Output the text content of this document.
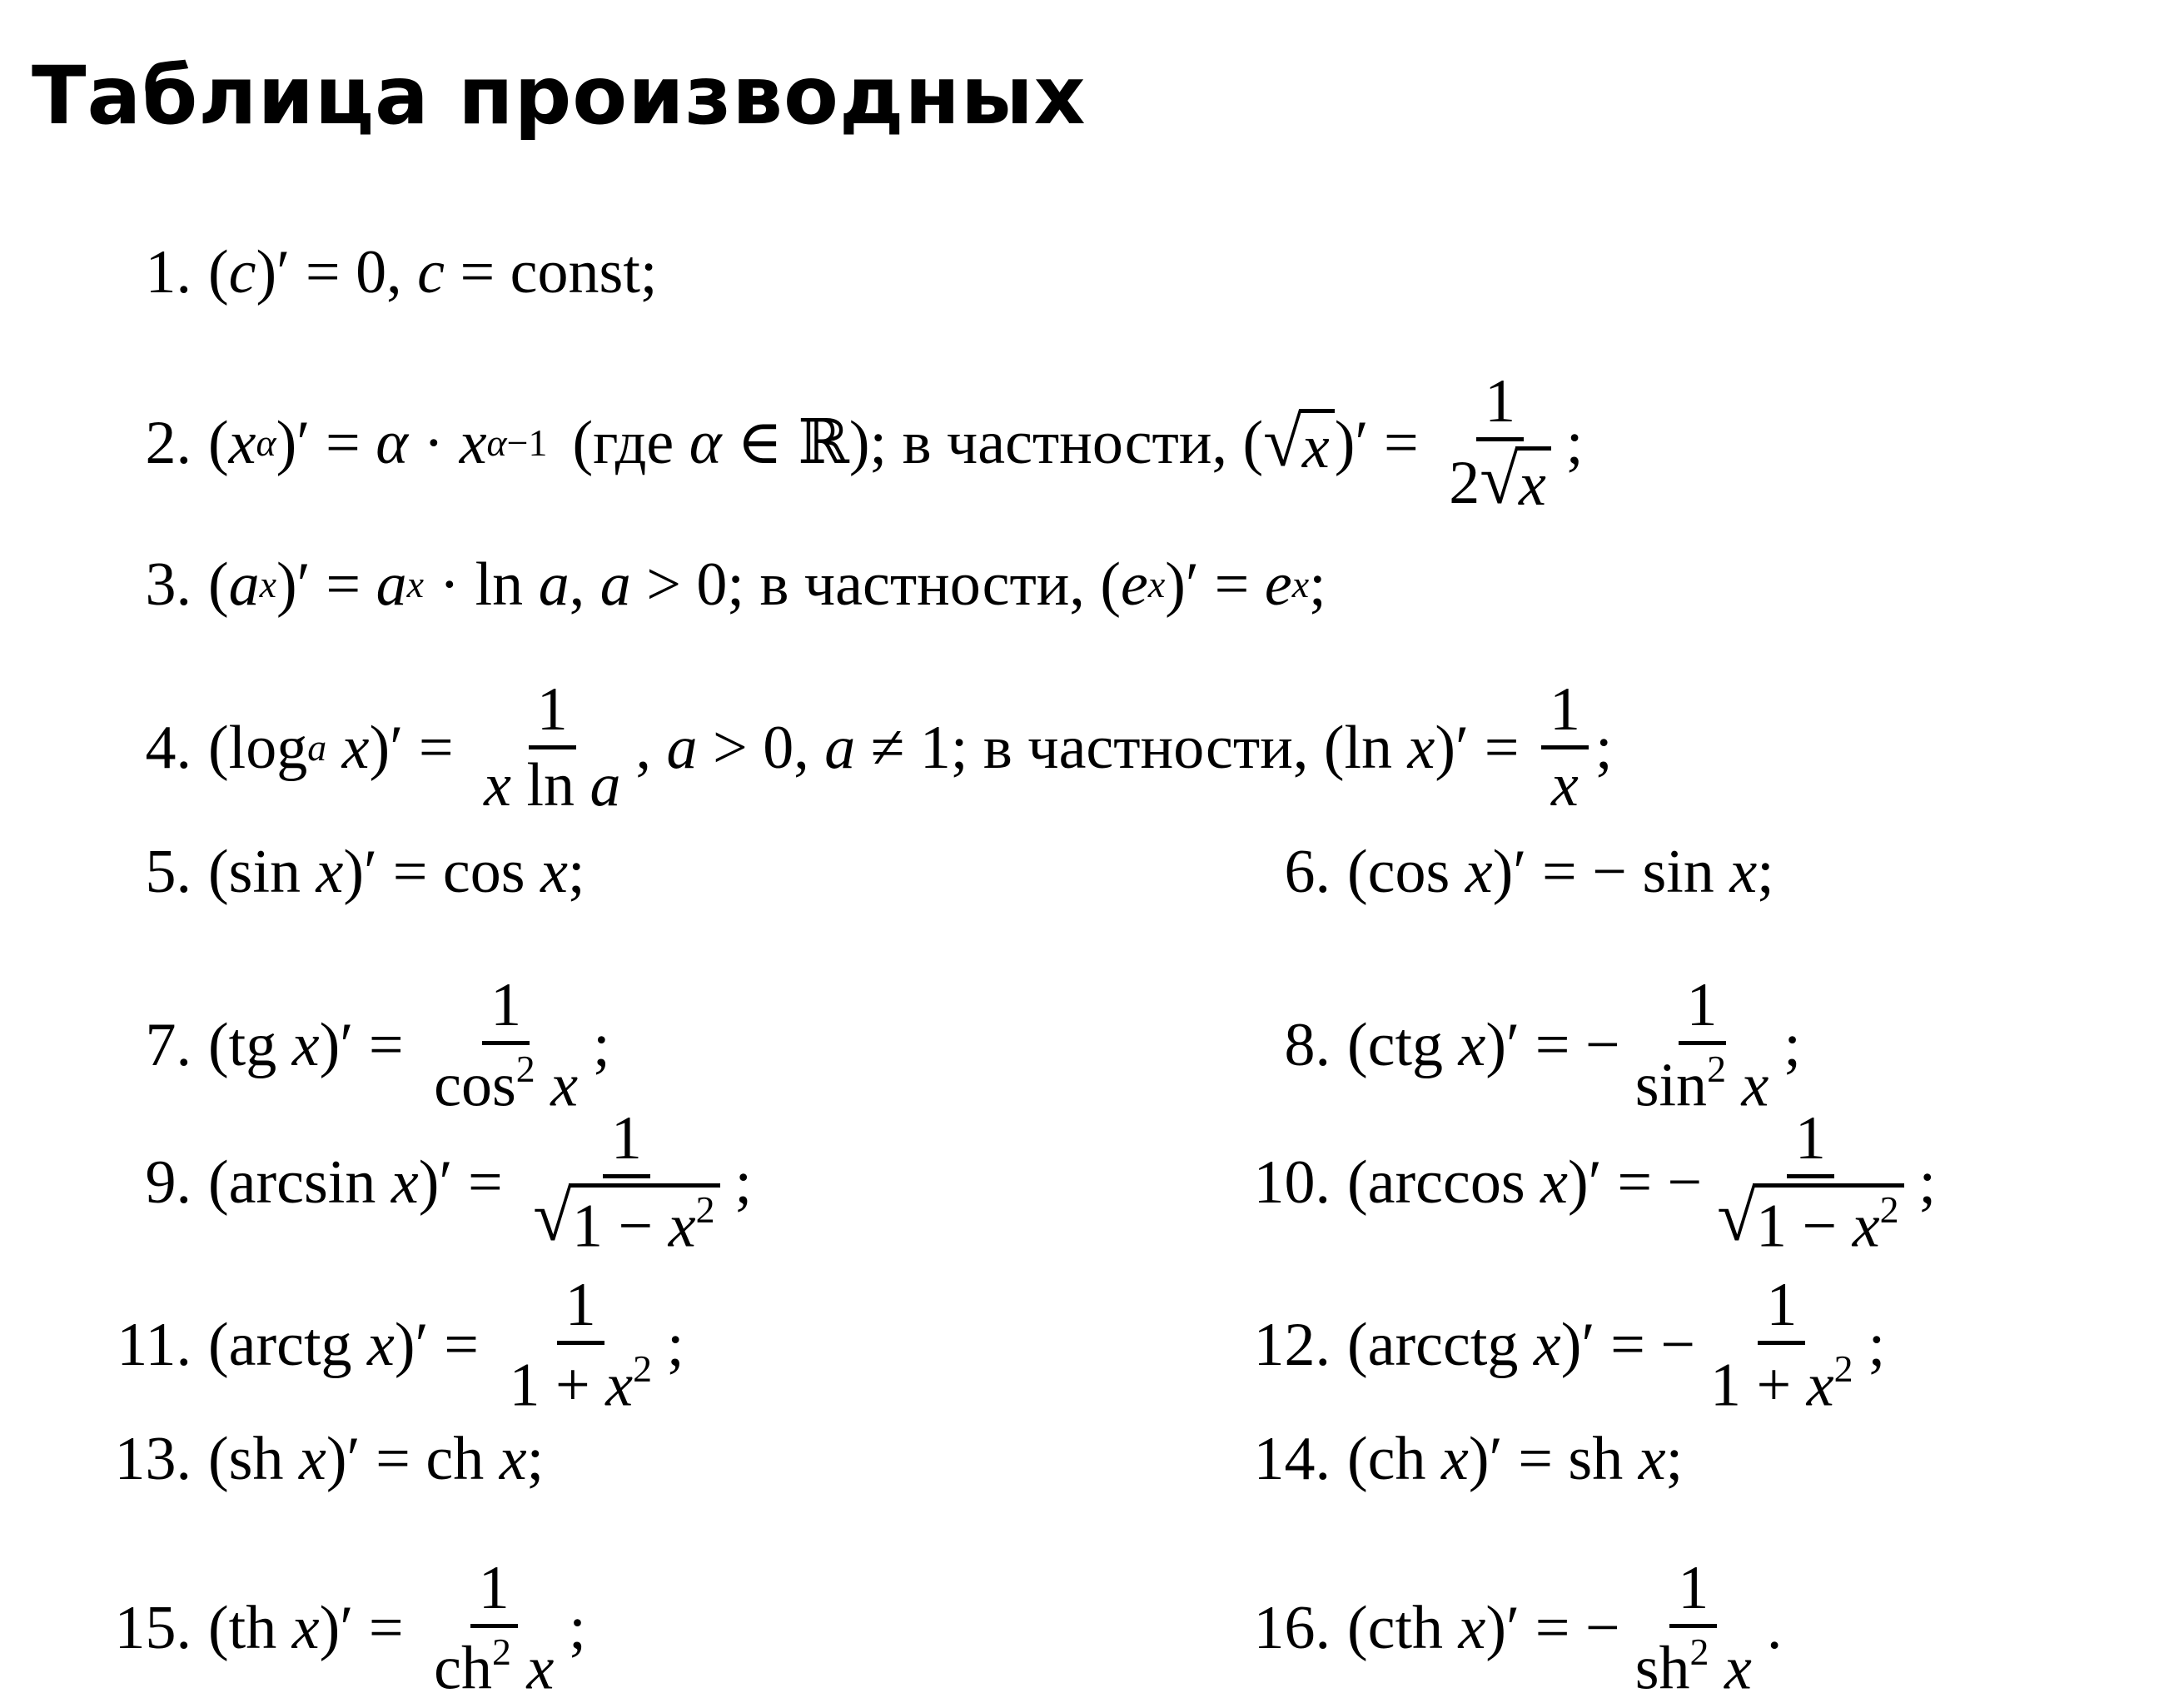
Таблица производных
1. ( c )′ = 0, c = const;
2. ( x α )′ = α · x α−1 (где α ∈ ℝ); в частности, ( √ x )′ = $\frac{1}{2 √ x}$ ;
3. ( a x )′ = a x · ln a , a > 0; в частности, ( e x )′ = e x ;
4. (log a
x )′ = $\frac{1}{\text{x ln a}}$ , a > 0, a ≠ 1; в частности, (ln x )′ = $\frac{1}{x}$ ;
5. (sin x )′ = cos x ;	6. (cos x )′ = − sin x ;
7. (tg x )′ = $\frac{1}{\cos^2 x}$ ;	8. (ctg x )′ = − $\frac{1}{\sin^2 x}$ ;
9. (arcsin x )′ = $\frac{1}{√ 1 - x^2}$ ;	10. (arccos x )′ = − $\frac{1}{√ 1 - x^2}$ ;
11. (arctg x )′ = $\frac{1}{1 + x^2}$ ;	12. (arcctg x )′ = − $\frac{1}{1 + x^2}$ ;
13. (sh x )′ = ch x ;	14. (ch x )′ = sh x ;
15. (th x )′ = $\frac{1}{ch^2 x}$ ;	16. (cth x )′ = − $\frac{1}{sh^2 x}$ .
